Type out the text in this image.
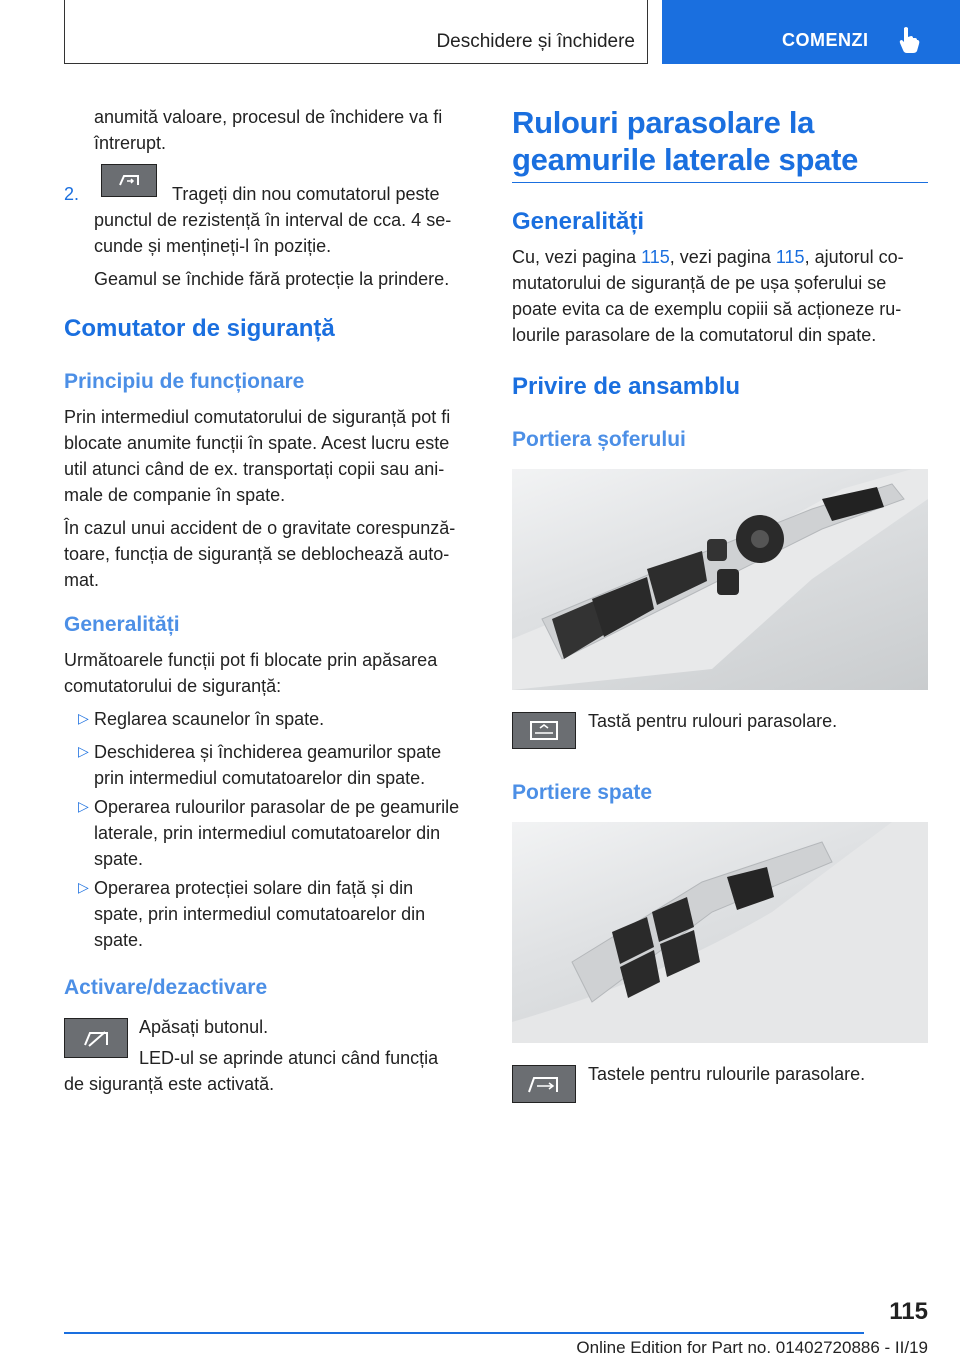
Deschidere și închidere	COMENZI

anumită valoare, procesul de închidere va fi

întrerupt.

2.	Trageți din nou comutatorul peste

punctul de rezistență în interval de cca. 4 se-

cunde și mențineți-l în poziție.

Geamul se închide fără protecție la prindere.

Comutator de siguranță
Principiu de funcționare

Prin intermediul comutatorului de siguranță pot fi

blocate anumite funcții în spate. Acest lucru este

util atunci când de ex. transportați copii sau ani-

male de companie în spate.

În cazul unui accident de o gravitate corespunză-

toare, funcția de siguranță se deblochează auto-

mat.

Generalități

Următoarele funcții pot fi blocate prin apăsarea

comutatorului de siguranță:

▷ Reglarea scaunelor în spate.

▷ Deschiderea și închiderea geamurilor spate

prin intermediul comutatoarelor din spate.

▷ Operarea rulourilor parasolar de pe geamurile

laterale, prin intermediul comutatoarelor din

spate.

▷ Operarea protecției solare din față și din

spate, prin intermediul comutatoarelor din

spate.

Activare/dezactivare

Apăsați butonul.

LED-ul se aprinde atunci când funcția

de siguranță este activată.

Rulouri parasolare la
geamurile laterale spate
Generalități

Cu, vezi pagina 115, vezi pagina 115, ajutorul co-

mutatorului de siguranță de pe ușa șoferului se

poate evita ca de exemplu copiii să acționeze ru-

lourile parasolare de la comutatorul din spate.

Privire de ansamblu
Portiera șoferului

Tastă pentru rulouri parasolare.

Portiere spate

Tastele pentru rulourile parasolare.

115
Online Edition for Part no. 01402720886 - II/19
